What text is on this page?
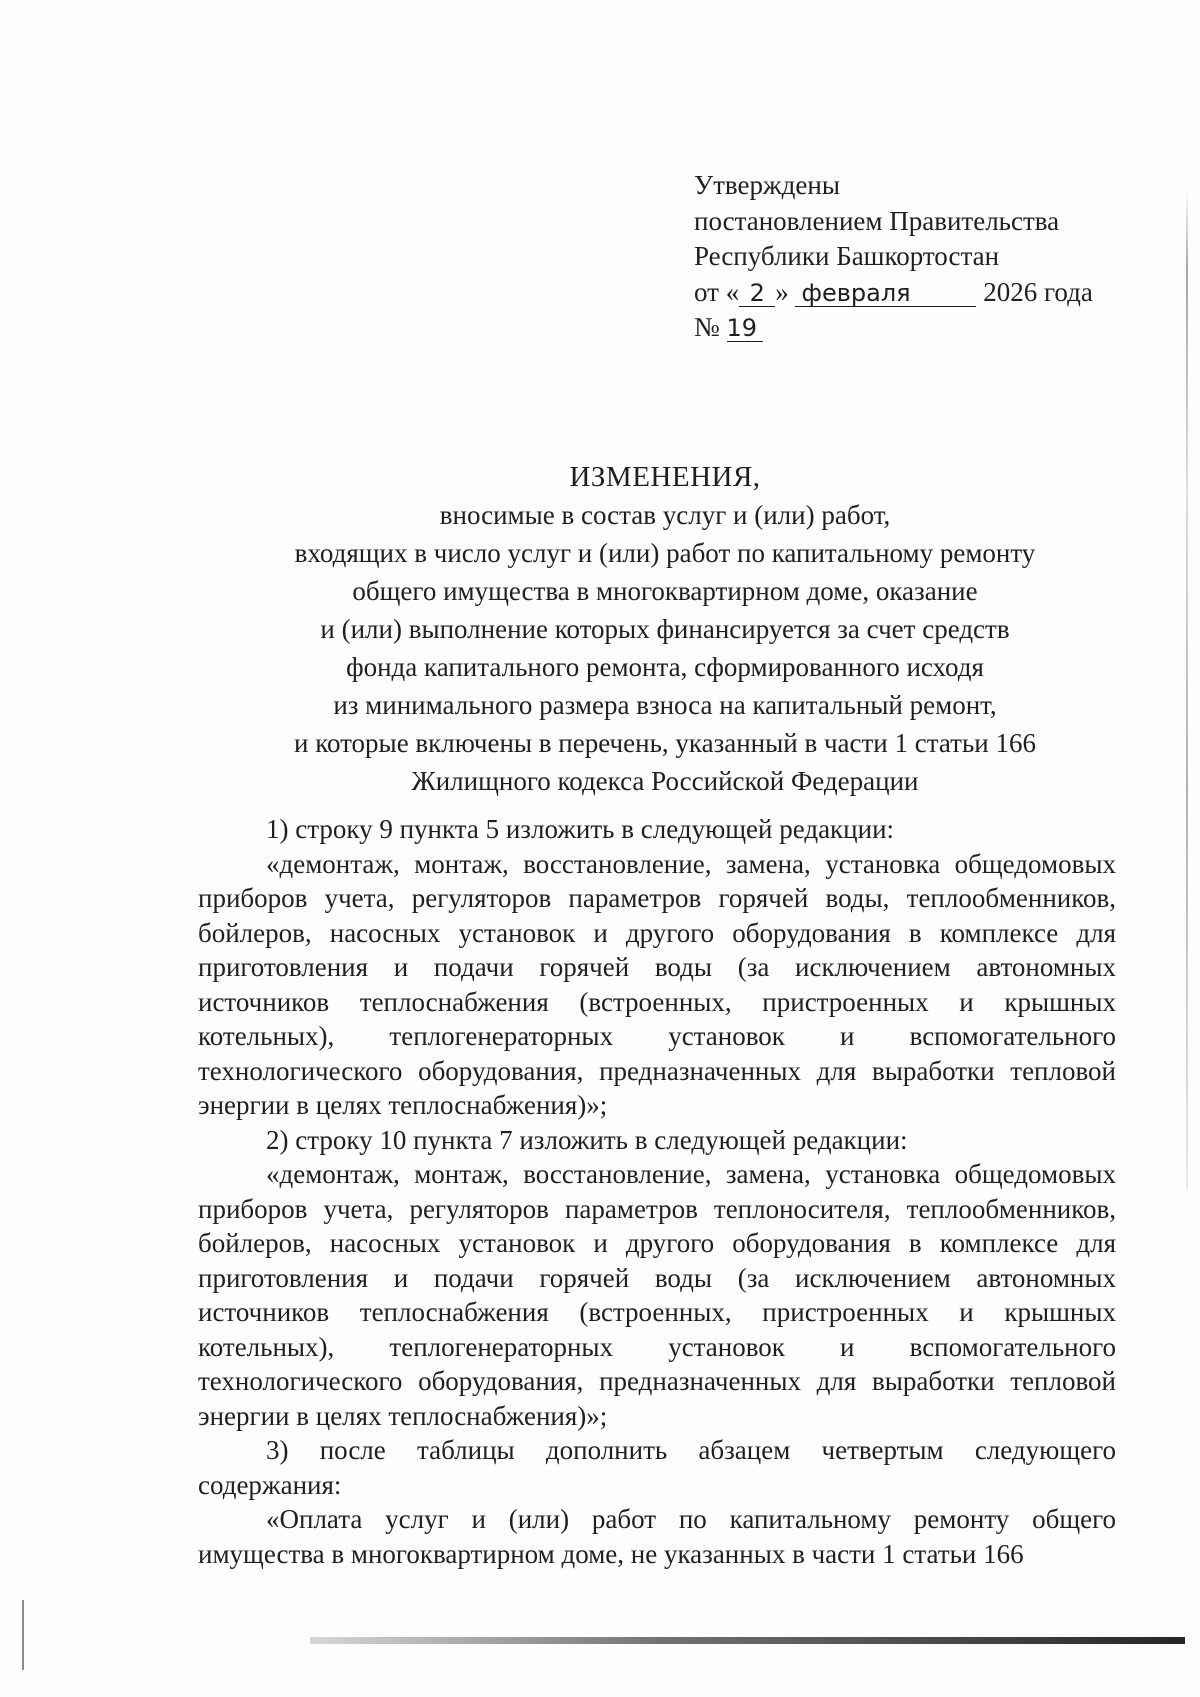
Утверждены
постановлением Правительства
Республики Башкортостан
от « 2 » февраля	2026 года
№ 19
ИЗМЕНЕНИЯ,
вносимые в состав услуг и (или) работ,
входящих в число услуг и (или) работ по капитальному ремонту
общего имущества в многоквартирном доме, оказание
и (или) выполнение которых финансируется за счет средств
фонда капитального ремонта, сформированного исходя
из минимального размера взноса на капитальный ремонт,
и которые включены в перечень, указанный в части 1 статьи 166
Жилищного кодекса Российской Федерации

1) строку 9 пункта 5 изложить в следующей редакции:

«демонтаж, монтаж, восстановление, замена, установка общедомовых приборов учета, регуляторов параметров горячей воды, теплообменников, бойлеров, насосных установок и другого оборудования в комплексе для приготовления и подачи горячей воды (за исключением автономных источников теплоснабжения (встроенных, пристроенных и крышных котельных), теплогенераторных установок и вспомогательного технологического оборудования, предназначенных для выработки тепловой энергии в целях теплоснабжения)»;

2) строку 10 пункта 7 изложить в следующей редакции:

«демонтаж, монтаж, восстановление, замена, установка общедомовых приборов учета, регуляторов параметров теплоносителя, теплообменников, бойлеров, насосных установок и другого оборудования в комплексе для приготовления и подачи горячей воды (за исключением автономных источников теплоснабжения (встроенных, пристроенных и крышных котельных), теплогенераторных установок и вспомогательного технологического оборудования, предназначенных для выработки тепловой энергии в целях теплоснабжения)»;

3) после таблицы дополнить абзацем четвертым следующего содержания:

«Оплата услуг и (или) работ по капитальному ремонту общего имущества в многоквартирном доме, не указанных в части 1 статьи 166
